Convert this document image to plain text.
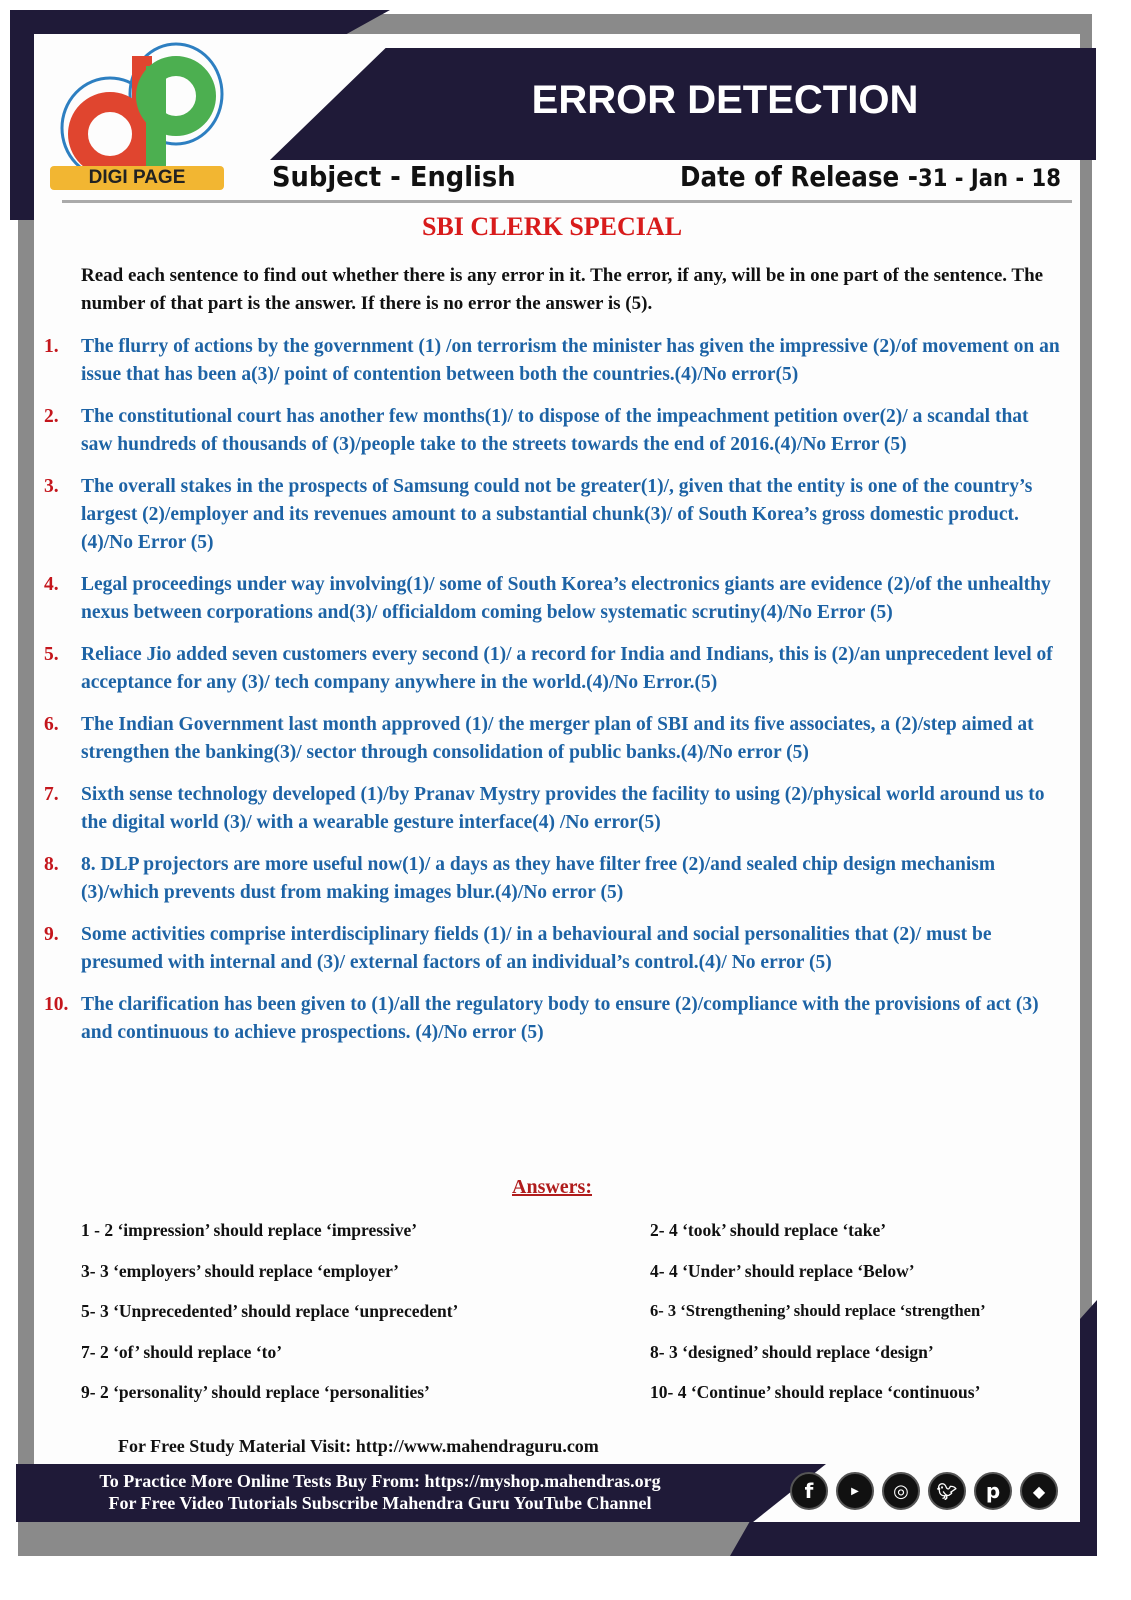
ERROR DETECTION
DIGI PAGE	Subject - English	Date of Release -31 - Jan - 18
SBI CLERK SPECIAL
Read each sentence to find out whether there is any error in it. The error, if any, will be in one part of the sentence. The number of that part is the answer. If there is no error the answer is (5).
1.	The flurry of actions by the government (1) /on terrorism the minister has given the impressive (2)/of movement on an issue that has been a(3)/ point of contention between both the countries.(4)/No error(5)
2.	The constitutional court has another few months(1)/ to dispose of the impeachment petition over(2)/ a scandal that saw hundreds of thousands of (3)/people take to the streets towards the end of 2016.(4)/No Error (5)
3.	The overall stakes in the prospects of Samsung could not be greater(1)/, given that the entity is one of the country’s largest (2)/employer and its revenues amount to a substantial chunk(3)/ of South Korea’s gross domestic product.(4)/No Error (5)
4.	Legal proceedings under way involving(1)/ some of South Korea’s electronics giants are evidence (2)/of the unhealthy nexus between corporations and(3)/ officialdom coming below systematic scrutiny(4)/No Error (5)
5.	Reliace Jio added seven customers every second (1)/ a record for India and Indians, this is (2)/an unprecedent level of acceptance for any (3)/ tech company anywhere in the world.(4)/No Error.(5)
6.	The Indian Government last month approved (1)/ the merger plan of SBI and its five associates, a (2)/step aimed at strengthen the banking(3)/ sector through consolidation of public banks.(4)/No error (5)
7.	Sixth sense technology developed (1)/by Pranav Mystry provides the facility to using (2)/physical world around us to the digital world (3)/ with a wearable gesture interface(4) /No error(5)
8.	8. DLP projectors are more useful now(1)/ a days as they have filter free (2)/and sealed chip design mechanism (3)/which prevents dust from making images blur.(4)/No error (5)
9.	Some activities comprise interdisciplinary fields (1)/ in a behavioural and social personalities that (2)/ must be presumed with internal and (3)/ external factors of an individual’s control.(4)/ No error (5)
10. The clarification has been given to (1)/all the regulatory body to ensure (2)/compliance with the provisions of act (3) and continuous to achieve prospections. (4)/No error (5)
Answers:
1 - 2 ‘impression’ should replace ‘impressive’	2- 4 ‘took’ should replace ‘take’
3- 3 ‘employers’ should replace ‘employer’	4- 4 ‘Under’ should replace ‘Below’
5- 3 ‘Unprecedented’ should replace ‘unprecedent’	6- 3 ‘Strengthening’ should replace ‘strengthen’
7- 2 ‘of’ should replace ‘to’	8- 3 ‘designed’ should replace ‘design’
9- 2 ‘personality’ should replace ‘personalities’	10- 4 ‘Continue’ should replace ‘continuous’
For Free Study Material Visit: http://www.mahendraguru.com
To Practice More Online Tests Buy From: https://myshop.mahendras.org
For Free Video Tutorials Subscribe Mahendra Guru YouTube Channel	f	▶	◎	🐦︎	p	◆
